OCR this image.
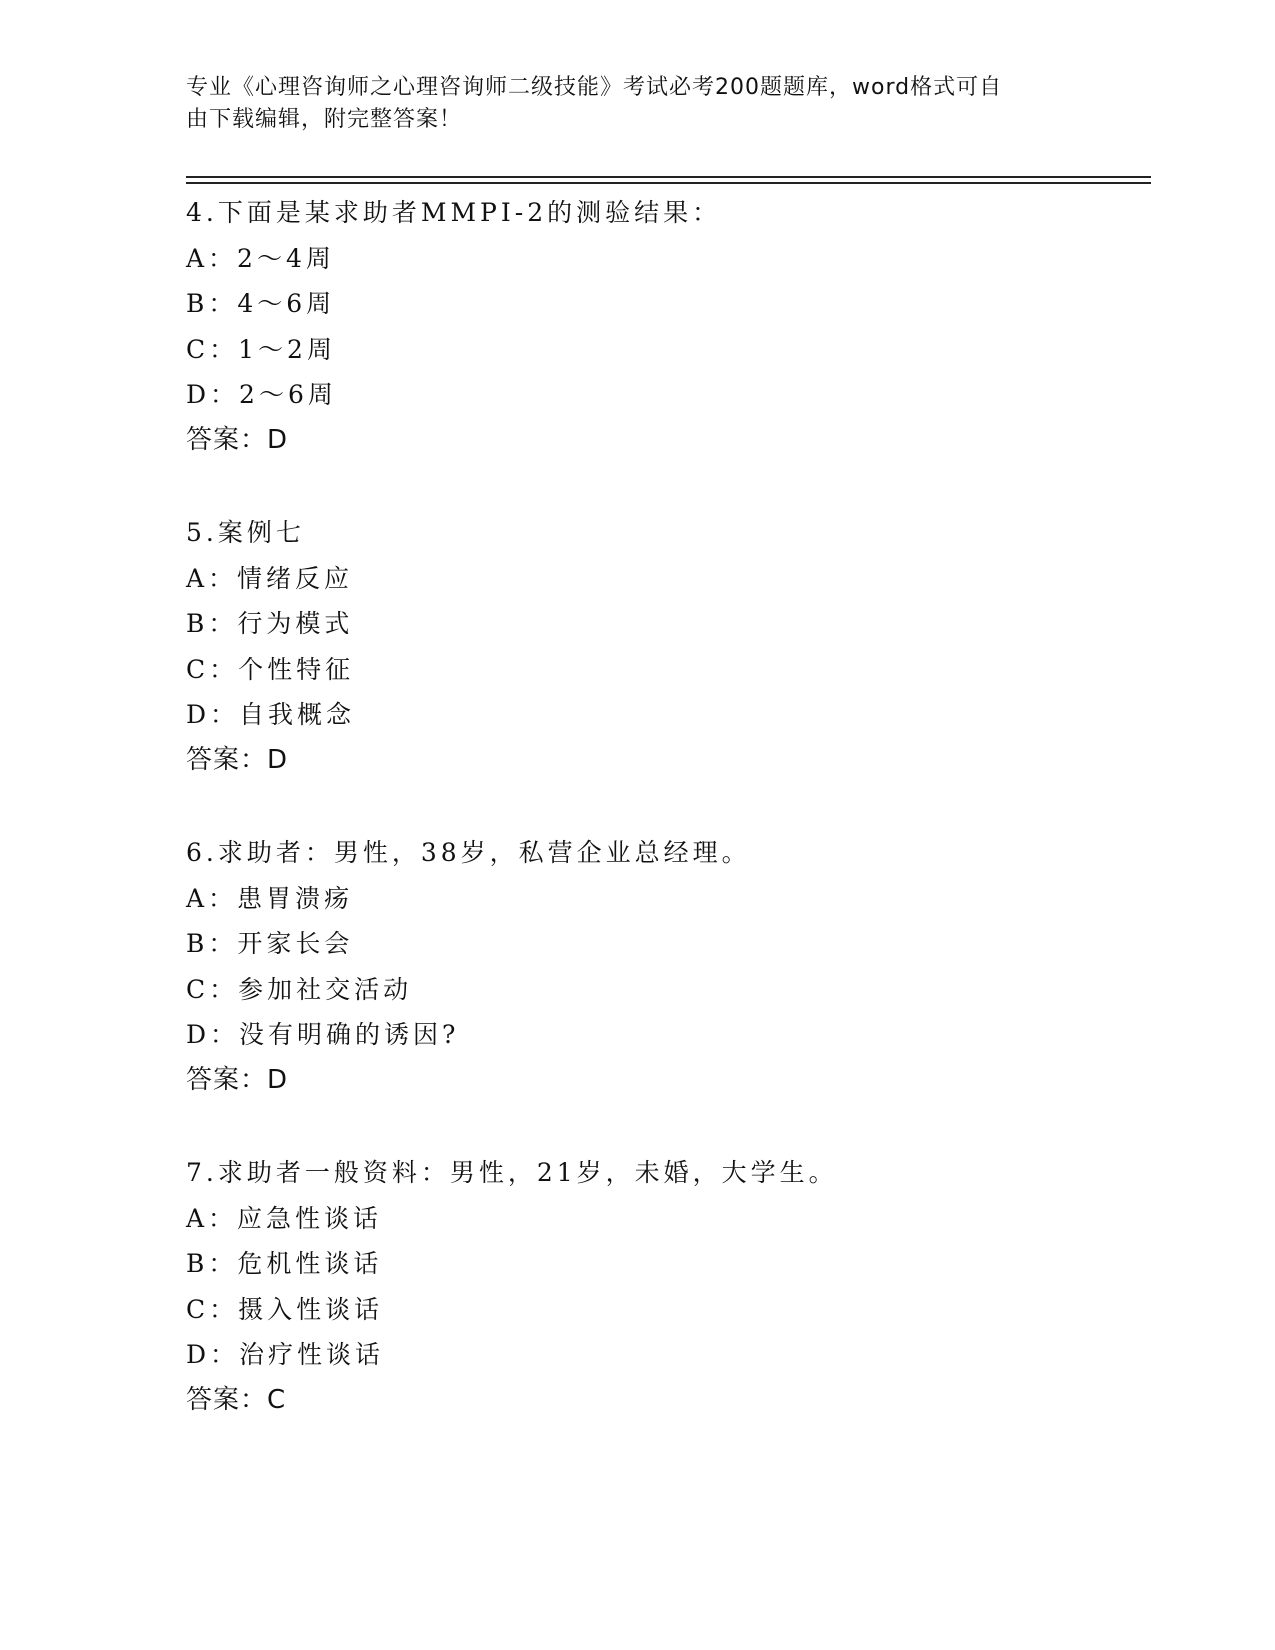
专业《心理咨询师之心理咨询师二级技能》考试必考200题题库，word格式可自
由下载编辑，附完整答案！
4.下面是某求助者MMPI-2的测验结果：
A：2～4周
B：4～6周
C：1～2周
D：2～6周
答案：D
5.案例七
A：情绪反应
B：行为模式
C：个性特征
D：自我概念
答案：D
6.求助者：男性，38岁，私营企业总经理。
A：患胃溃疡
B：开家长会
C：参加社交活动
D：没有明确的诱因?
答案：D
7.求助者一般资料：男性，21岁，未婚，大学生。
A：应急性谈话
B：危机性谈话
C：摄入性谈话
D：治疗性谈话
答案：C
